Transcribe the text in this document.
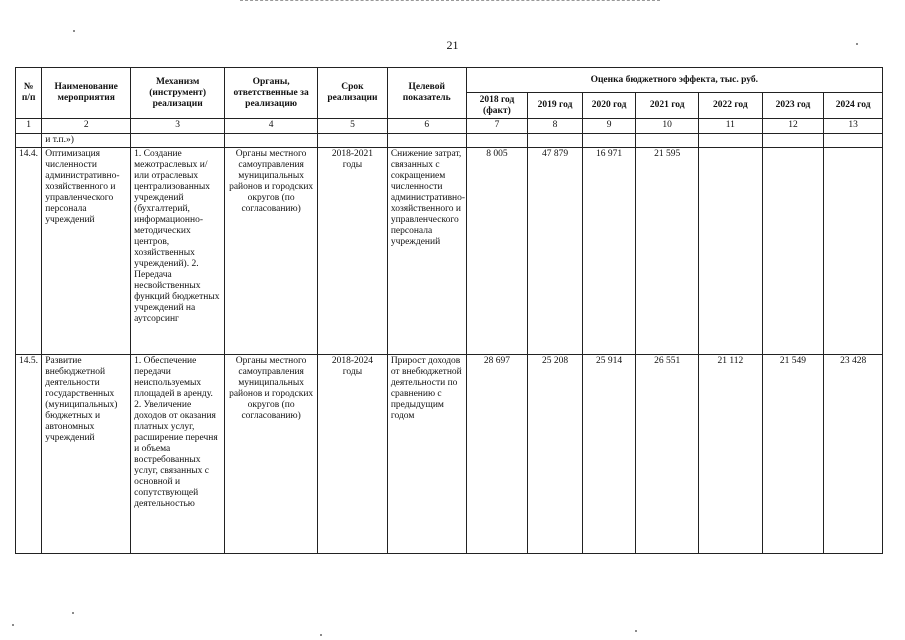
21
№ п/п	Наименование мероприятия	Механизм (инструмент) реализации	Органы, ответственные за реализацию	Срок реализации	Целевой показатель	Оценка бюджетного эффекта, тыс. руб.						
						2018 год (факт)	2019 год	2020 год	2021 год	2022 год	2023 год	2024 год
1	2	3	4	5	6	7	8	9	10	11	12	13
	и т.п.»)											
14.4.	Оптимизация численности административно-хозяйственного и управленческого персонала учреждений	1. Создание межотраслевых и/или отраслевых централизованных учреждений (бухгалтерий, информационно-методических центров, хозяйственных учреждений). 2. Передача несвойственных функций бюджетных учреждений на аутсорсинг	Органы местного самоуправления муниципальных районов и городских округов (по согласованию)	2018-2021 годы	Снижение затрат, связанных с сокращением численности административно-хозяйственного и управленческого персонала учреждений	8 005	47 879	16 971	21 595			
14.5.	Развитие внебюджетной деятельности государственных (муниципальных) бюджетных и автономных учреждений	1. Обеспечение передачи неиспользуемых площадей в аренду. 2. Увеличение доходов от оказания платных услуг, расширение перечня и объема востребованных услуг, связанных с основной и сопутствующей деятельностью	Органы местного самоуправления муниципальных районов и городских округов (по согласованию)	2018-2024 годы	Прирост доходов от внебюджетной деятельности по сравнению с предыдущим годом	28 697	25 208	25 914	26 551	21 112	21 549	23 428
